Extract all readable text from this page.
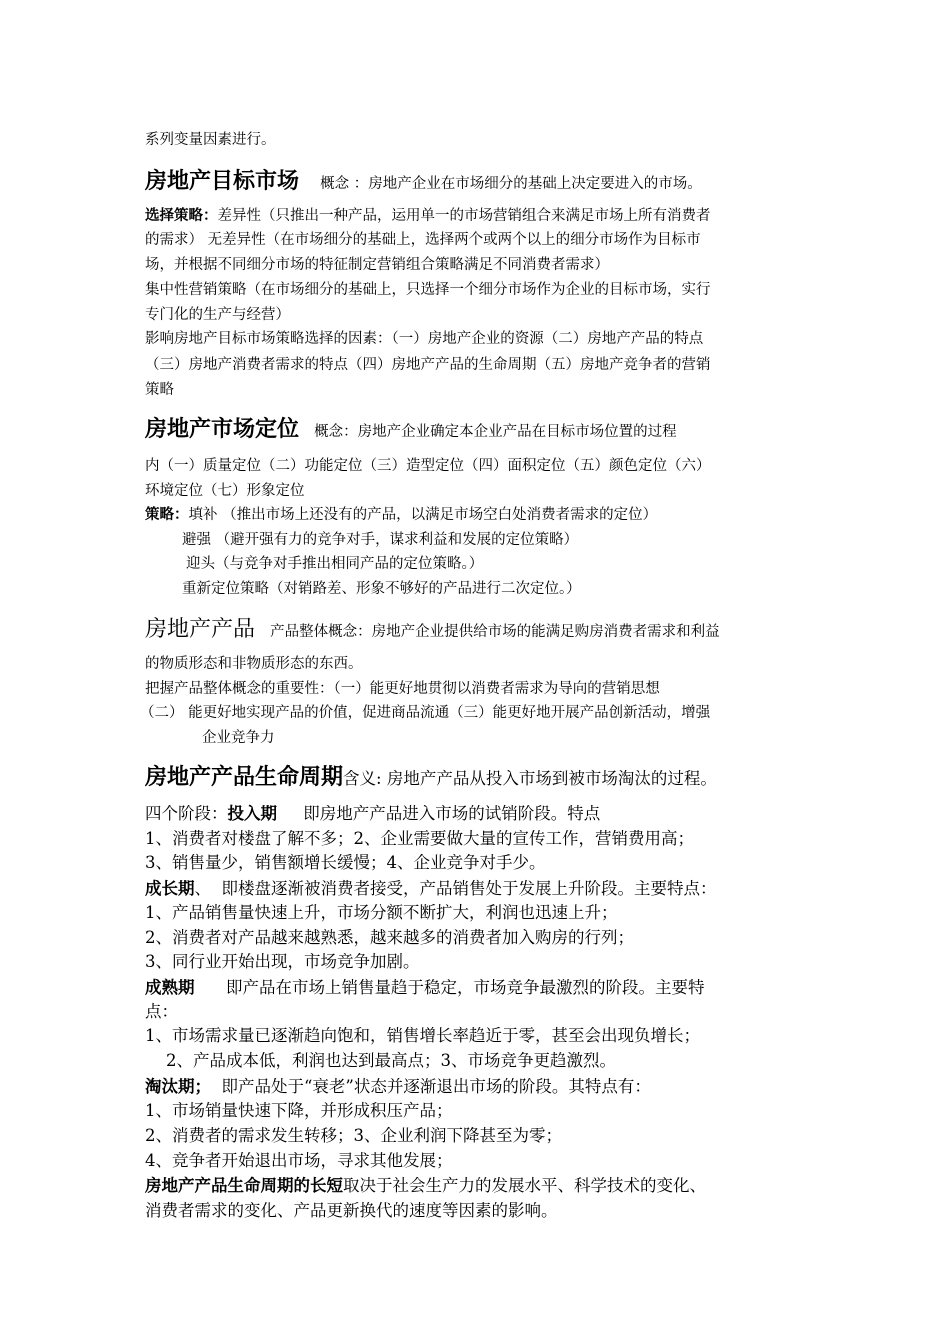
系列变量因素进行。
房地产目标市场 概念 ：房地产企业在市场细分的基础上决定要进入的市场。
选择策略：差异性（只推出一种产品，运用单一的市场营销组合来满足市场上所有消费者
的需求） 无差异性（在市场细分的基础上，选择两个或两个以上的细分市场作为目标市
场，并根据不同细分市场的特征制定营销组合策略满足不同消费者需求）
集中性营销策略（在市场细分的基础上，只选择一个细分市场作为企业的目标市场，实行
专门化的生产与经营）
影响房地产目标市场策略选择的因素：（一）房地产企业的资源（二）房地产产品的特点
（三）房地产消费者需求的特点（四）房地产产品的生命周期（五）房地产竞争者的营销
策略
房地产市场定位 概念：房地产企业确定本企业产品在目标市场位置的过程
内（一）质量定位（二）功能定位（三）造型定位（四）面积定位（五）颜色定位（六）
环境定位（七）形象定位
策略：填补 （推出市场上还没有的产品，以满足市场空白处消费者需求的定位）
避强 （避开强有力的竞争对手，谋求利益和发展的定位策略）
迎头（与竞争对手推出相同产品的定位策略。）
重新定位策略（对销路差、形象不够好的产品进行二次定位。）
房地产产品 产品整体概念：房地产企业提供给市场的能满足购房消费者需求和利益
的物质形态和非物质形态的东西。
把握产品整体概念的重要性：（一）能更好地贯彻以消费者需求为导向的营销思想
（二） 能更好地实现产品的价值，促进商品流通（三）能更好地开展产品创新活动，增强
企业竞争力
房地产产品生命周期含义: 房地产产品从投入市场到被市场淘汰的过程。
四个阶段：投入期     即房地产产品进入市场的试销阶段。特点
1、消费者对楼盘了解不多；2、企业需要做大量的宣传工作，营销费用高；
3、销售量少，销售额增长缓慢；4、企业竞争对手少。
成长期、  即楼盘逐渐被消费者接受，产品销售处于发展上升阶段。主要特点：
1、产品销售量快速上升，市场分额不断扩大，利润也迅速上升；
2、消费者对产品越来越熟悉，越来越多的消费者加入购房的行列；
3、同行业开始出现，市场竞争加剧。
成熟期      即产品在市场上销售量趋于稳定，市场竞争最激烈的阶段。主要特
点：
1、市场需求量已逐渐趋向饱和，销售增长率趋近于零，甚至会出现负增长；
2、产品成本低，利润也达到最高点；3、市场竞争更趋激烈。
淘汰期；  即产品处于“衰老”状态并逐渐退出市场的阶段。其特点有：
1、市场销量快速下降，并形成积压产品；
2、消费者的需求发生转移；3、企业利润下降甚至为零；
4、竞争者开始退出市场，寻求其他发展；
房地产产品生命周期的长短取决于社会生产力的发展水平、科学技术的变化、
消费者需求的变化、产品更新换代的速度等因素的影响。
